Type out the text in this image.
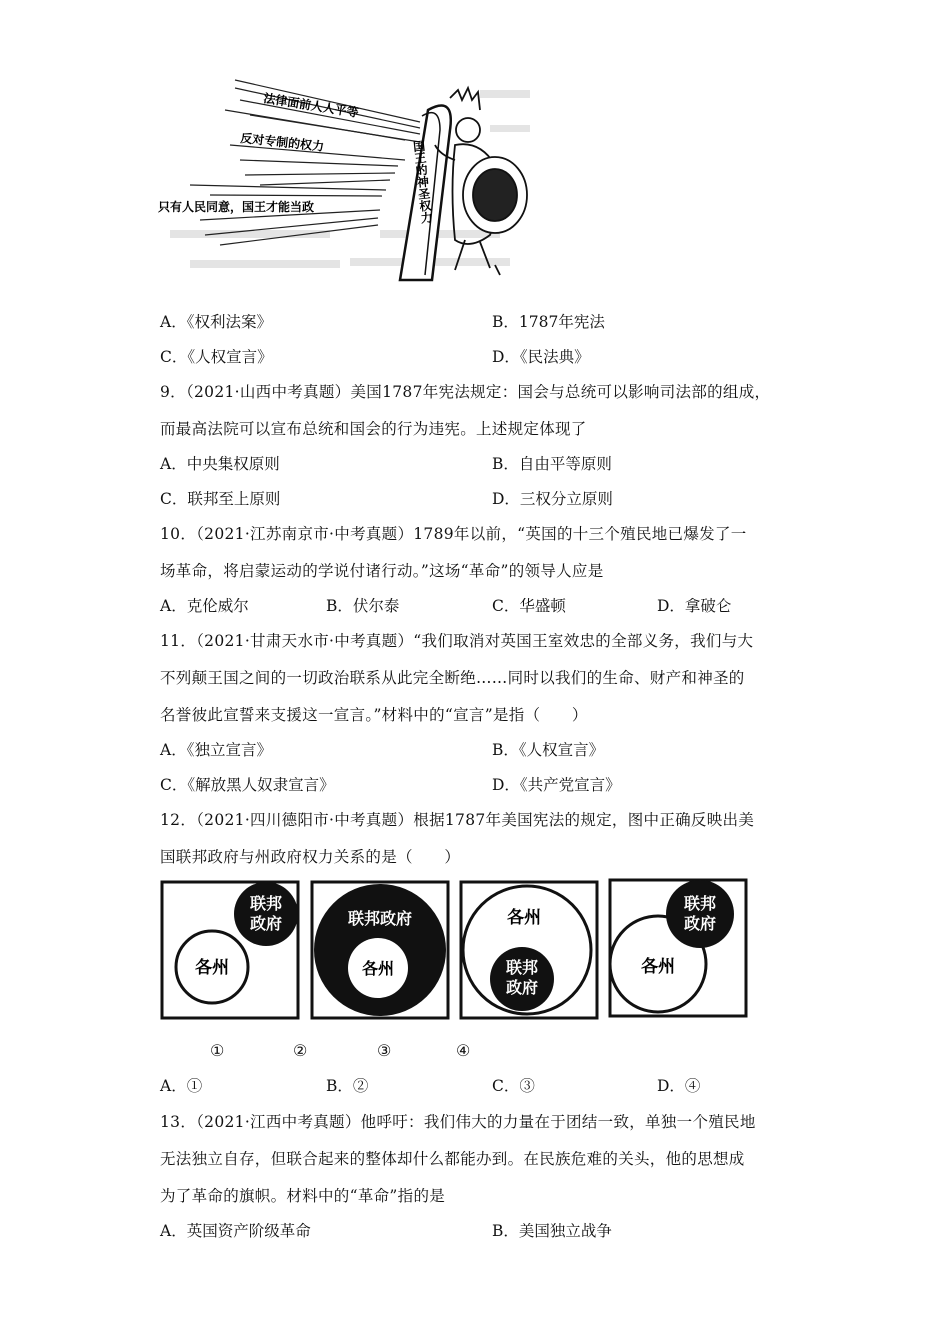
法律面前人人平等
反对专制的权力
只有人民同意，国王才能当政	国王的神圣权力
A．《权利法案》	B．1787年宪法
C．《人权宣言》	D．《民法典》
9．（2021·山西中考真题）美国1787年宪法规定：国会与总统可以影响司法部的组成，
而最高法院可以宣布总统和国会的行为违宪。上述规定体现了
A．中央集权原则	B．自由平等原则
C．联邦至上原则	D．三权分立原则
10．（2021·江苏南京市·中考真题）1789年以前，“英国的十三个殖民地已爆发了一
场革命，将启蒙运动的学说付诸行动。”这场“革命”的领导人应是
A．克伦威尔	B．伏尔泰	C．华盛顿	D．拿破仑
11．（2021·甘肃天水市·中考真题）“我们取消对英国王室效忠的全部义务，我们与大
不列颠王国之间的一切政治联系从此完全断绝……同时以我们的生命、财产和神圣的
名誉彼此宣誓来支援这一宣言。”材料中的“宣言”是指（　　）
A．《独立宣言》	B．《人权宣言》
C．《解放黑人奴隶宣言》	D．《共产党宣言》
12．（2021·四川德阳市·中考真题）根据1787年美国宪法的规定，图中正确反映出美
国联邦政府与州政府权力关系的是（　　）
各州
联邦
政府	联邦政府
各州
各州
联邦
政府
各州
联邦
政府
①	②	③	④
A．①	B．②	C．③	D．④
13．（2021·江西中考真题）他呼吁：我们伟大的力量在于团结一致，单独一个殖民地
无法独立自存，但联合起来的整体却什么都能办到。在民族危难的关头，他的思想成
为了革命的旗帜。材料中的“革命”指的是
A．英国资产阶级革命	B．美国独立战争
